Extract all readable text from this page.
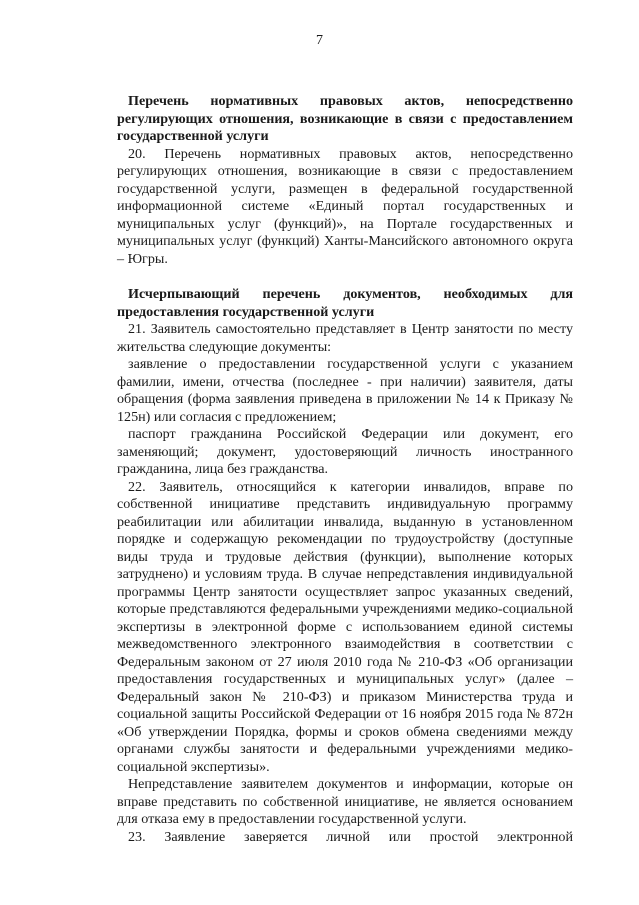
7

Перечень нормативных правовых актов, непосредственно регулирующих отношения, возникающие в связи с предоставлением государственной услуги

20. Перечень нормативных правовых актов, непосредственно регулирующих отношения, возникающие в связи с предоставлением государственной услуги, размещен в федеральной государственной информационной системе «Единый портал государственных и муниципальных услуг (функций)», на Портале государственных и муниципальных услуг (функций) Ханты-Мансийского автономного округа – Югры.

Исчерпывающий перечень документов, необходимых для предоставления государственной услуги

21. Заявитель самостоятельно представляет в Центр занятости по месту жительства следующие документы:

заявление о предоставлении государственной услуги с указанием фамилии, имени, отчества (последнее - при наличии) заявителя, даты обращения (форма заявления приведена в приложении № 14 к Приказу № 125н) или согласия с предложением;

паспорт гражданина Российской Федерации или документ, его заменяющий; документ, удостоверяющий личность иностранного гражданина, лица без гражданства.

22. Заявитель, относящийся к категории инвалидов, вправе по собственной инициативе представить индивидуальную программу реабилитации или абилитации инвалида, выданную в установленном порядке и содержащую рекомендации по трудоустройству (доступные виды труда и трудовые действия (функции), выполнение которых затруднено) и условиям труда. В случае непредставления индивидуальной программы Центр занятости осуществляет запрос указанных сведений, которые представляются федеральными учреждениями медико-социальной экспертизы в электронной форме с использованием единой системы межведомственного электронного взаимодействия в соответствии с Федеральным законом от 27 июля 2010 года № 210-ФЗ «Об организации предоставления государственных и муниципальных услуг» (далее – Федеральный закон № 210-ФЗ) и приказом Министерства труда и социальной защиты Российской Федерации от 16 ноября 2015 года № 872н «Об утверждении Порядка, формы и сроков обмена сведениями между органами службы занятости и федеральными учреждениями медико-социальной экспертизы».

Непредставление заявителем документов и информации, которые он вправе представить по собственной инициативе, не является основанием для отказа ему в предоставлении государственной услуги.

23. Заявление заверяется личной или простой электронной
